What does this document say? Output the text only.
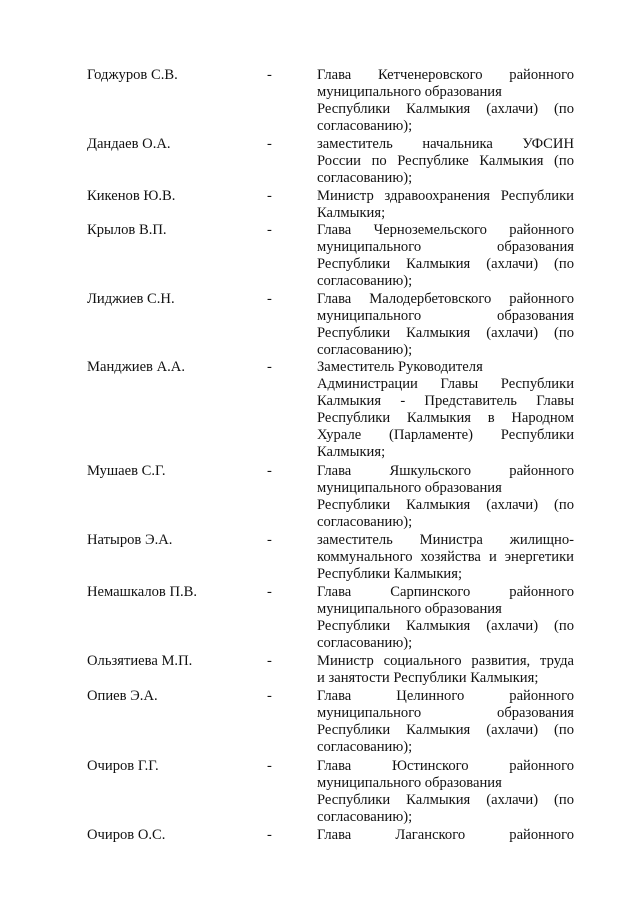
Годжуров С.В.	-	Глава Кетченеровского районного
муниципального образования
Республики Калмыкия (ахлачи) (по
согласованию);
Дандаев О.А.	-	заместитель начальника УФСИН
России по Республике Калмыкия (по
согласованию);
Кикенов Ю.В.	-	Министр здравоохранения Республики
Калмыкия;
Крылов В.П.	-	Глава Черноземельского районного
муниципального образования
Республики Калмыкия (ахлачи) (по
согласованию);
Лиджиев С.Н.	-	Глава Малодербетовского районного
муниципального образования
Республики Калмыкия (ахлачи) (по
согласованию);
Манджиев А.А.	-	Заместитель Руководителя
Администрации Главы Республики
Калмыкия - Представитель Главы
Республики Калмыкия в Народном
Хурале (Парламенте) Республики
Калмыкия;
Мушаев С.Г.	-	Глава Яшкульского районного
муниципального образования
Республики Калмыкия (ахлачи) (по
согласованию);
Натыров Э.А.	-	заместитель Министра жилищно-
коммунального хозяйства и энергетики
Республики Калмыкия;
Немашкалов П.В.	-	Глава Сарпинского районного
муниципального образования
Республики Калмыкия (ахлачи) (по
согласованию);
Ользятиева М.П.	-	Министр социального развития, труда
и занятости Республики Калмыкия;
Опиев Э.А.	-	Глава Целинного районного
муниципального образования
Республики Калмыкия (ахлачи) (по
согласованию);
Очиров Г.Г.	-	Глава Юстинского районного
муниципального образования
Республики Калмыкия (ахлачи) (по
согласованию);
Очиров О.С.	-	Глава Лаганского районного
